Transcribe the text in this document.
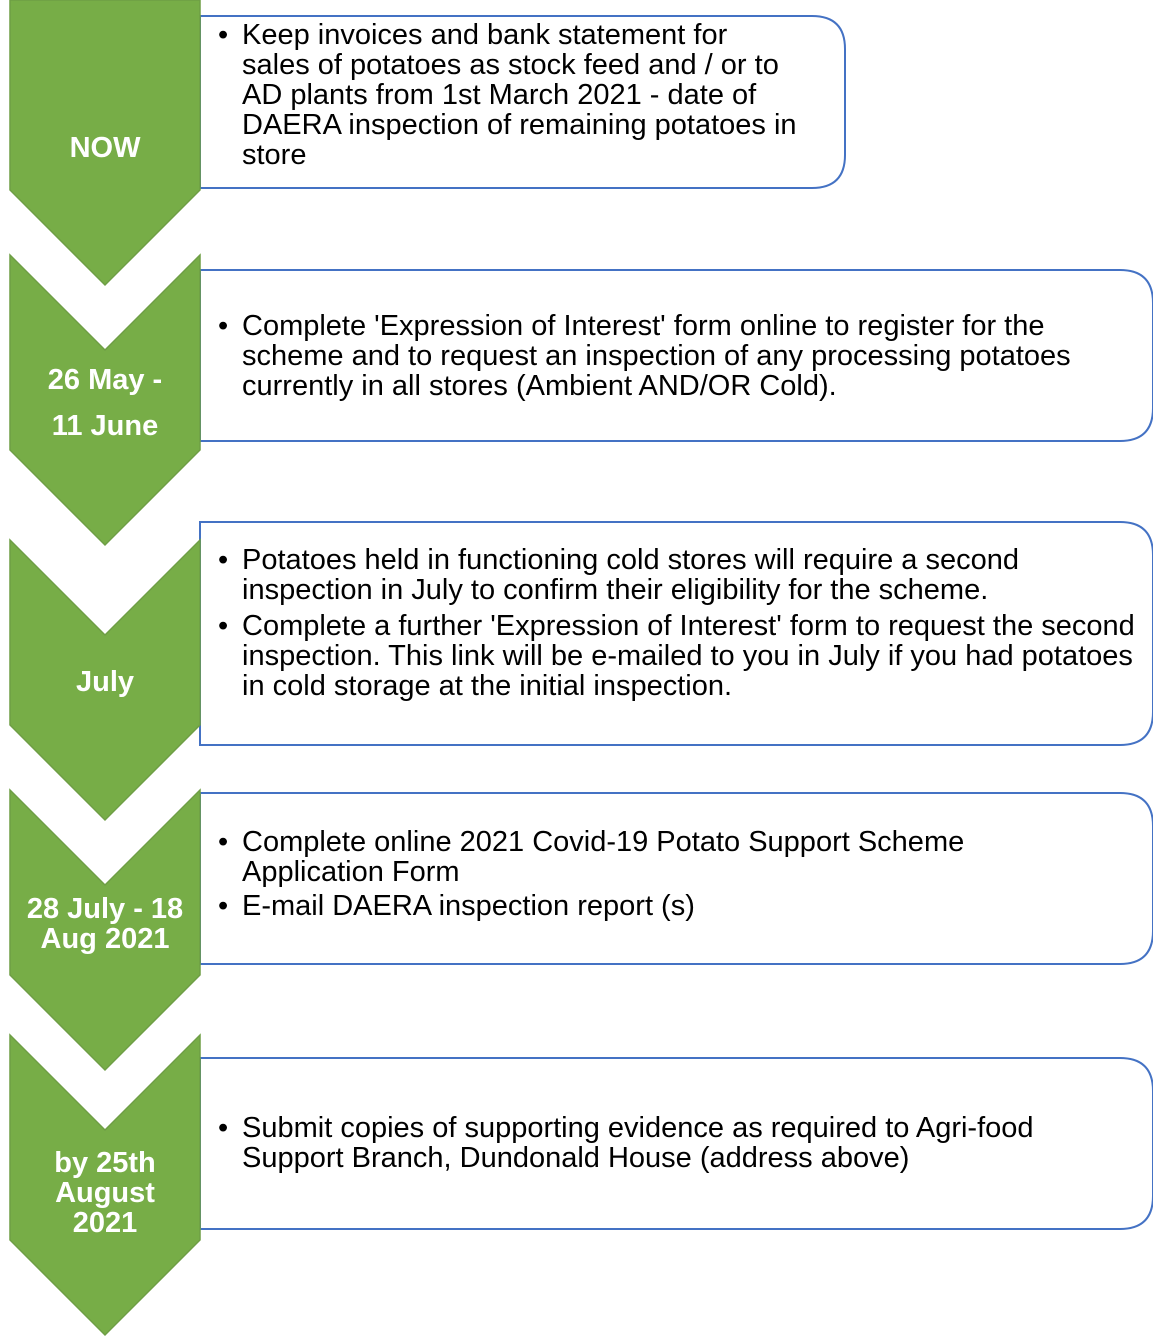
NOW
• Keep invoices and bank statement for sales of potatoes as stock feed and / or to AD plants from 1st March 2021 - date of DAERA inspection of remaining potatoes in store
26 May -
11 June
• Complete 'Expression of Interest' form online to register for the scheme and to request an inspection of any processing potatoes currently in all stores (Ambient AND/OR Cold).
July
• Potatoes held in functioning cold stores will require a second inspection in July to confirm their eligibility for the scheme.
• Complete a further 'Expression of Interest' form to request the second inspection. This link will be e-mailed to you in July if you had potatoes in cold storage at the initial inspection.
28 July - 18
Aug 2021
• Complete online 2021 Covid-19 Potato Support Scheme Application Form
• E-mail DAERA inspection report (s)
by 25th
August
2021
• Submit copies of supporting evidence as required to Agri-food Support Branch, Dundonald House (address above)
